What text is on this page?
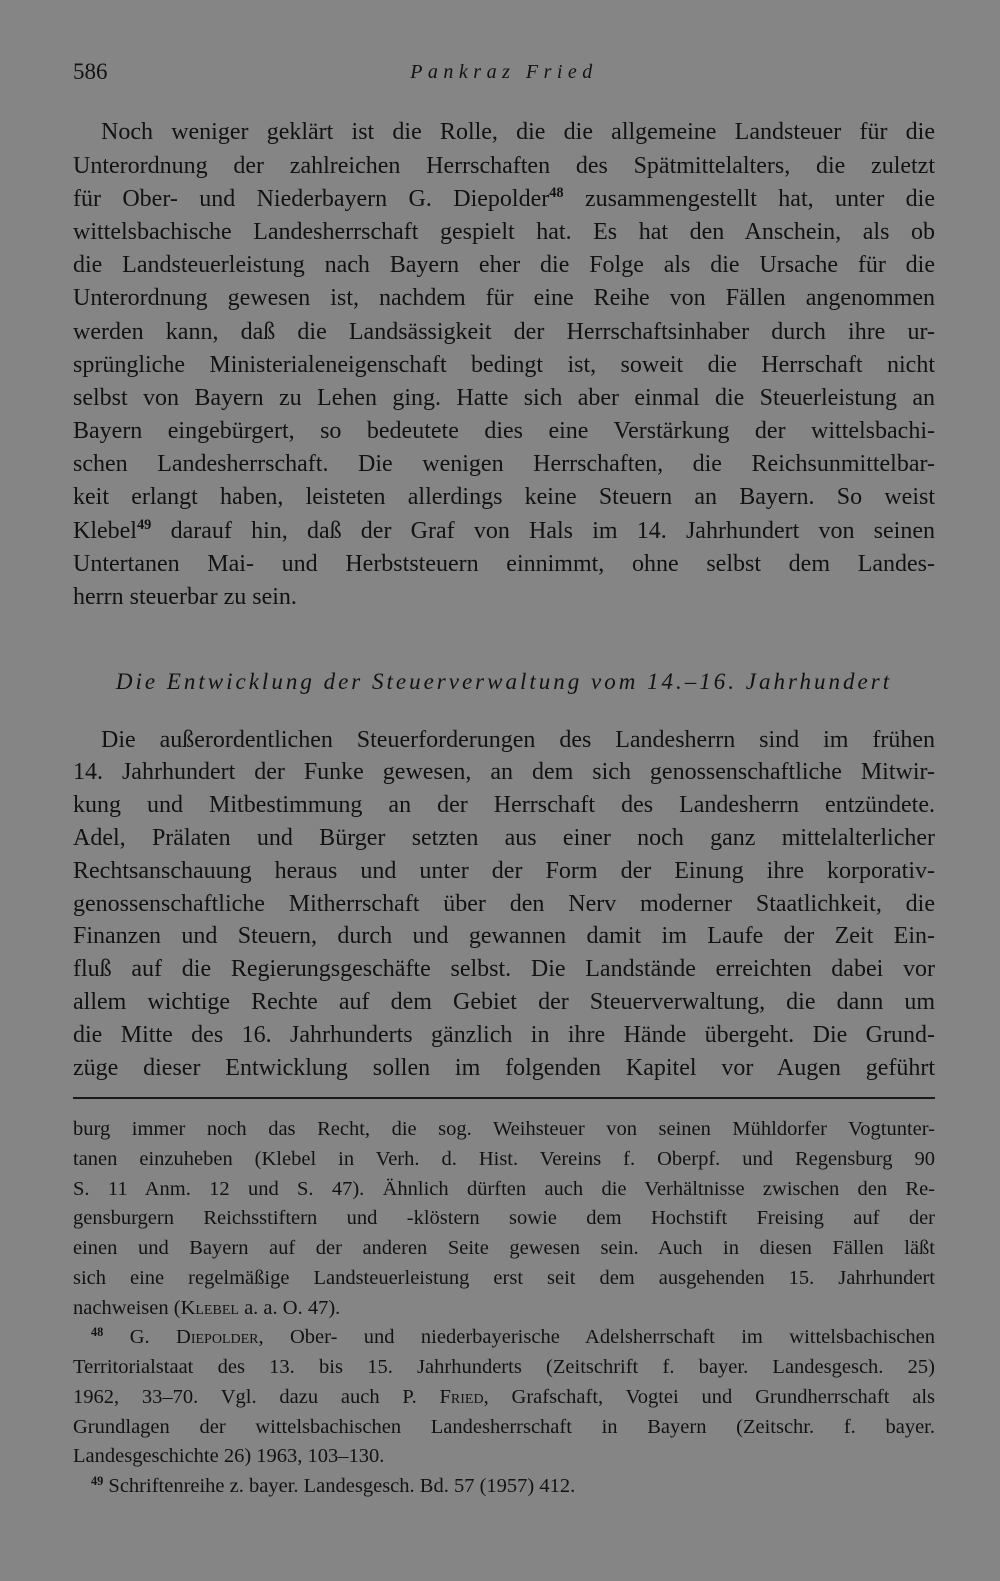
586	Pankraz Fried
Noch weniger geklärt ist die Rolle, die die allgemeine Landsteuer für die
Unterordnung der zahlreichen Herrschaften des Spätmittelalters, die zuletzt
für Ober- und Niederbayern G. Diepolder$^{48}$ zusammengestellt hat, unter die
wittelsbachische Landesherrschaft gespielt hat. Es hat den Anschein, als ob
die Landsteuerleistung nach Bayern eher die Folge als die Ursache für die
Unterordnung gewesen ist, nachdem für eine Reihe von Fällen angenommen
werden kann, daß die Landsässigkeit der Herrschaftsinhaber durch ihre ur-
sprüngliche Ministerialeneigenschaft bedingt ist, soweit die Herrschaft nicht
selbst von Bayern zu Lehen ging. Hatte sich aber einmal die Steuerleistung an
Bayern eingebürgert, so bedeutete dies eine Verstärkung der wittelsbachi-
schen Landesherrschaft. Die wenigen Herrschaften, die Reichsunmittelbar-
keit erlangt haben, leisteten allerdings keine Steuern an Bayern. So weist
Klebel$^{49}$ darauf hin, daß der Graf von Hals im 14. Jahrhundert von seinen
Untertanen Mai- und Herbststeuern einnimmt, ohne selbst dem Landes-
herrn steuerbar zu sein.
Die Entwicklung der Steuerverwaltung vom 14.–16. Jahrhundert
Die außerordentlichen Steuerforderungen des Landesherrn sind im frühen
14. Jahrhundert der Funke gewesen, an dem sich genossenschaftliche Mitwir-
kung und Mitbestimmung an der Herrschaft des Landesherrn entzündete.
Adel, Prälaten und Bürger setzten aus einer noch ganz mittelalterlicher
Rechtsanschauung heraus und unter der Form der Einung ihre korporativ-
genossenschaftliche Mitherrschaft über den Nerv moderner Staatlichkeit, die
Finanzen und Steuern, durch und gewannen damit im Laufe der Zeit Ein-
fluß auf die Regierungsgeschäfte selbst. Die Landstände erreichten dabei vor
allem wichtige Rechte auf dem Gebiet der Steuerverwaltung, die dann um
die Mitte des 16. Jahrhunderts gänzlich in ihre Hände übergeht. Die Grund-
züge dieser Entwicklung sollen im folgenden Kapitel vor Augen geführt
burg immer noch das Recht, die sog. Weihsteuer von seinen Mühldorfer Vogtunter-
tanen einzuheben (Klebel in Verh. d. Hist. Vereins f. Oberpf. und Regensburg 90
S. 11 Anm. 12 und S. 47). Ähnlich dürften auch die Verhältnisse zwischen den Re-
gensburgern Reichsstiftern und -klöstern sowie dem Hochstift Freising auf der
einen und Bayern auf der anderen Seite gewesen sein. Auch in diesen Fällen läßt
sich eine regelmäßige Landsteuerleistung erst seit dem ausgehenden 15. Jahrhundert
nachweisen (Klebel a. a. O. 47).
$^{48}$ G. Diepolder, Ober- und niederbayerische Adelsherrschaft im wittelsbachischen
Territorialstaat des 13. bis 15. Jahrhunderts (Zeitschrift f. bayer. Landesgesch. 25)
1962, 33–70. Vgl. dazu auch P. Fried, Grafschaft, Vogtei und Grundherrschaft als
Grundlagen der wittelsbachischen Landesherrschaft in Bayern (Zeitschr. f. bayer.
Landesgeschichte 26) 1963, 103–130.
$^{49}$ Schriftenreihe z. bayer. Landesgesch. Bd. 57 (1957) 412.
